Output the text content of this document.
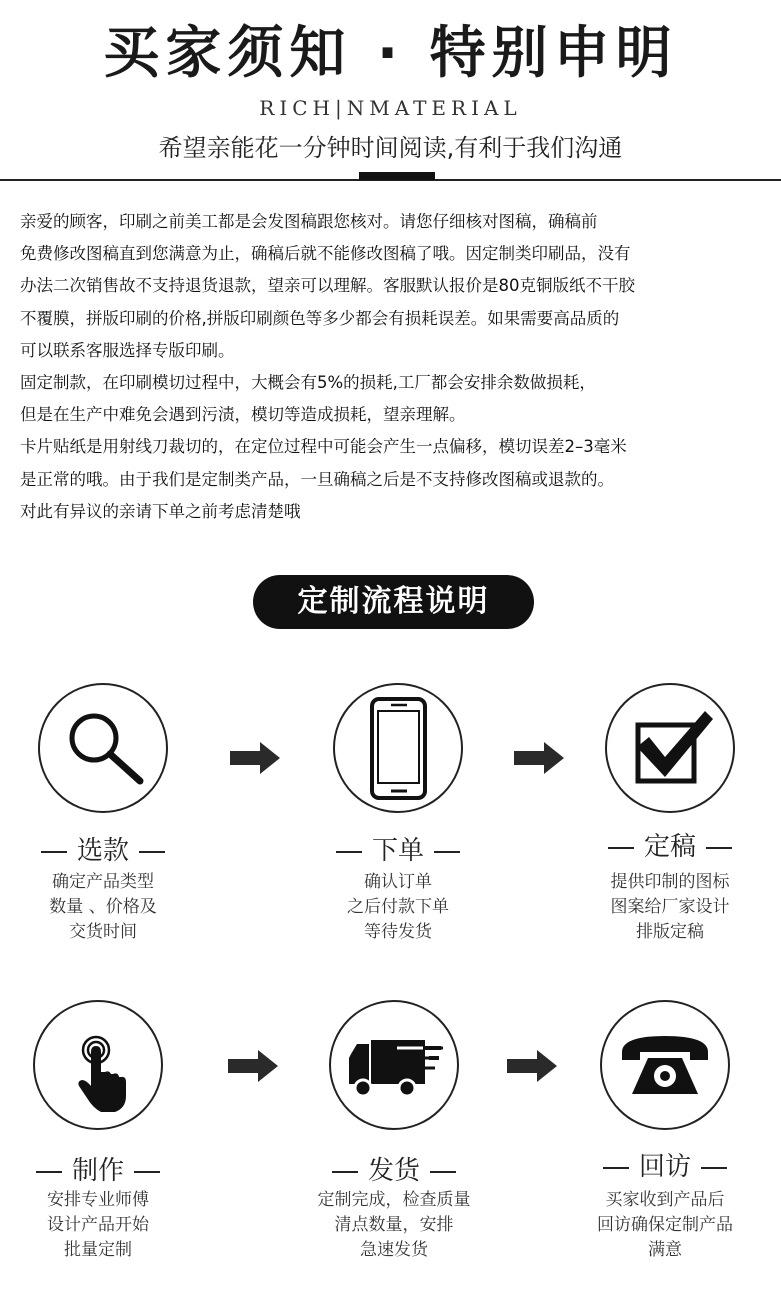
买家须知 · 特别申明
RICH|NMATERIAL
希望亲能花一分钟时间阅读,有利于我们沟通

亲爱的顾客，印刷之前美工都是会发图稿跟您核对。请您仔细核对图稿，确稿前

免费修改图稿直到您满意为止，确稿后就不能修改图稿了哦。因定制类印刷品，没有

办法二次销售故不支持退货退款，望亲可以理解。客服默认报价是80克铜版纸不干胶

不覆膜，拼版印刷的价格,拼版印刷颜色等多少都会有损耗误差。如果需要高品质的

可以联系客服选择专版印刷。

固定制款，在印刷模切过程中，大概会有5%的损耗,工厂都会安排余数做损耗，

但是在生产中难免会遇到污渍，模切等造成损耗，望亲理解。

卡片贴纸是用射线刀裁切的，在定位过程中可能会产生一点偏移，模切误差2–3毫米

是正常的哦。由于我们是定制类产品，一旦确稿之后是不支持修改图稿或退款的。

对此有异议的亲请下单之前考虑清楚哦

定制流程说明
选款
确定产品类型
数量 、价格及
交货时间
下单
确认订单
之后付款下单
等待发货
定稿
提供印制的图标
图案给厂家设计
排版定稿
制作
安排专业师傅
设计产品开始
批量定制
发货
定制完成，检查质量
清点数量，安排
急速发货
回访
买家收到产品后
回访确保定制产品
满意
